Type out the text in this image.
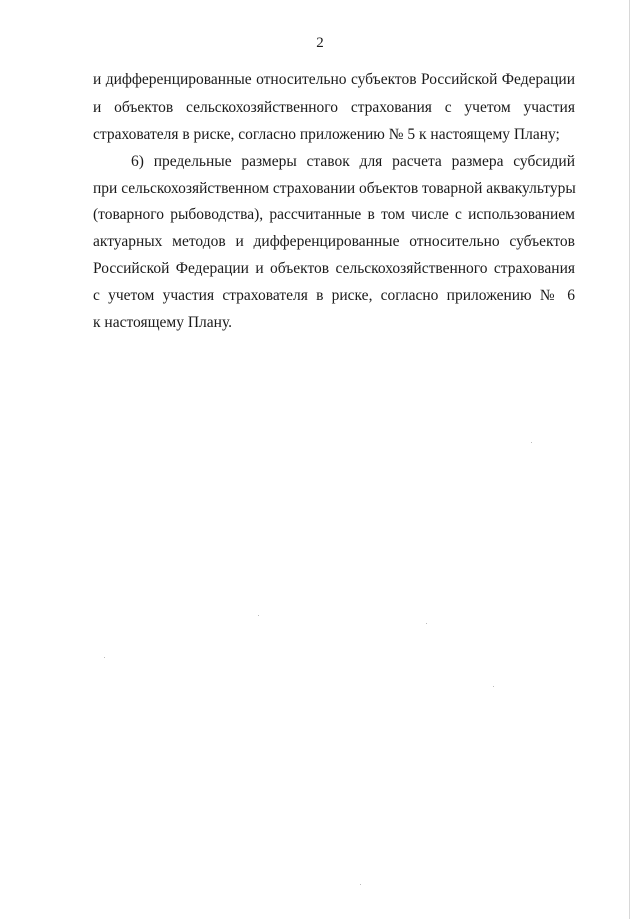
2
и дифференцированные относительно субъектов Российской Федерации
и объектов сельскохозяйственного страхования с учетом участия
страхователя в риске, согласно приложению № 5 к настоящему Плану;
6) предельные размеры ставок для расчета размера субсидий
при сельскохозяйственном страховании объектов товарной аквакультуры
(товарного рыбоводства), рассчитанные в том числе с использованием
актуарных методов и дифференцированные относительно субъектов
Российской Федерации и объектов сельскохозяйственного страхования
с учетом участия страхователя в риске, согласно приложению № 6
к настоящему Плану.
